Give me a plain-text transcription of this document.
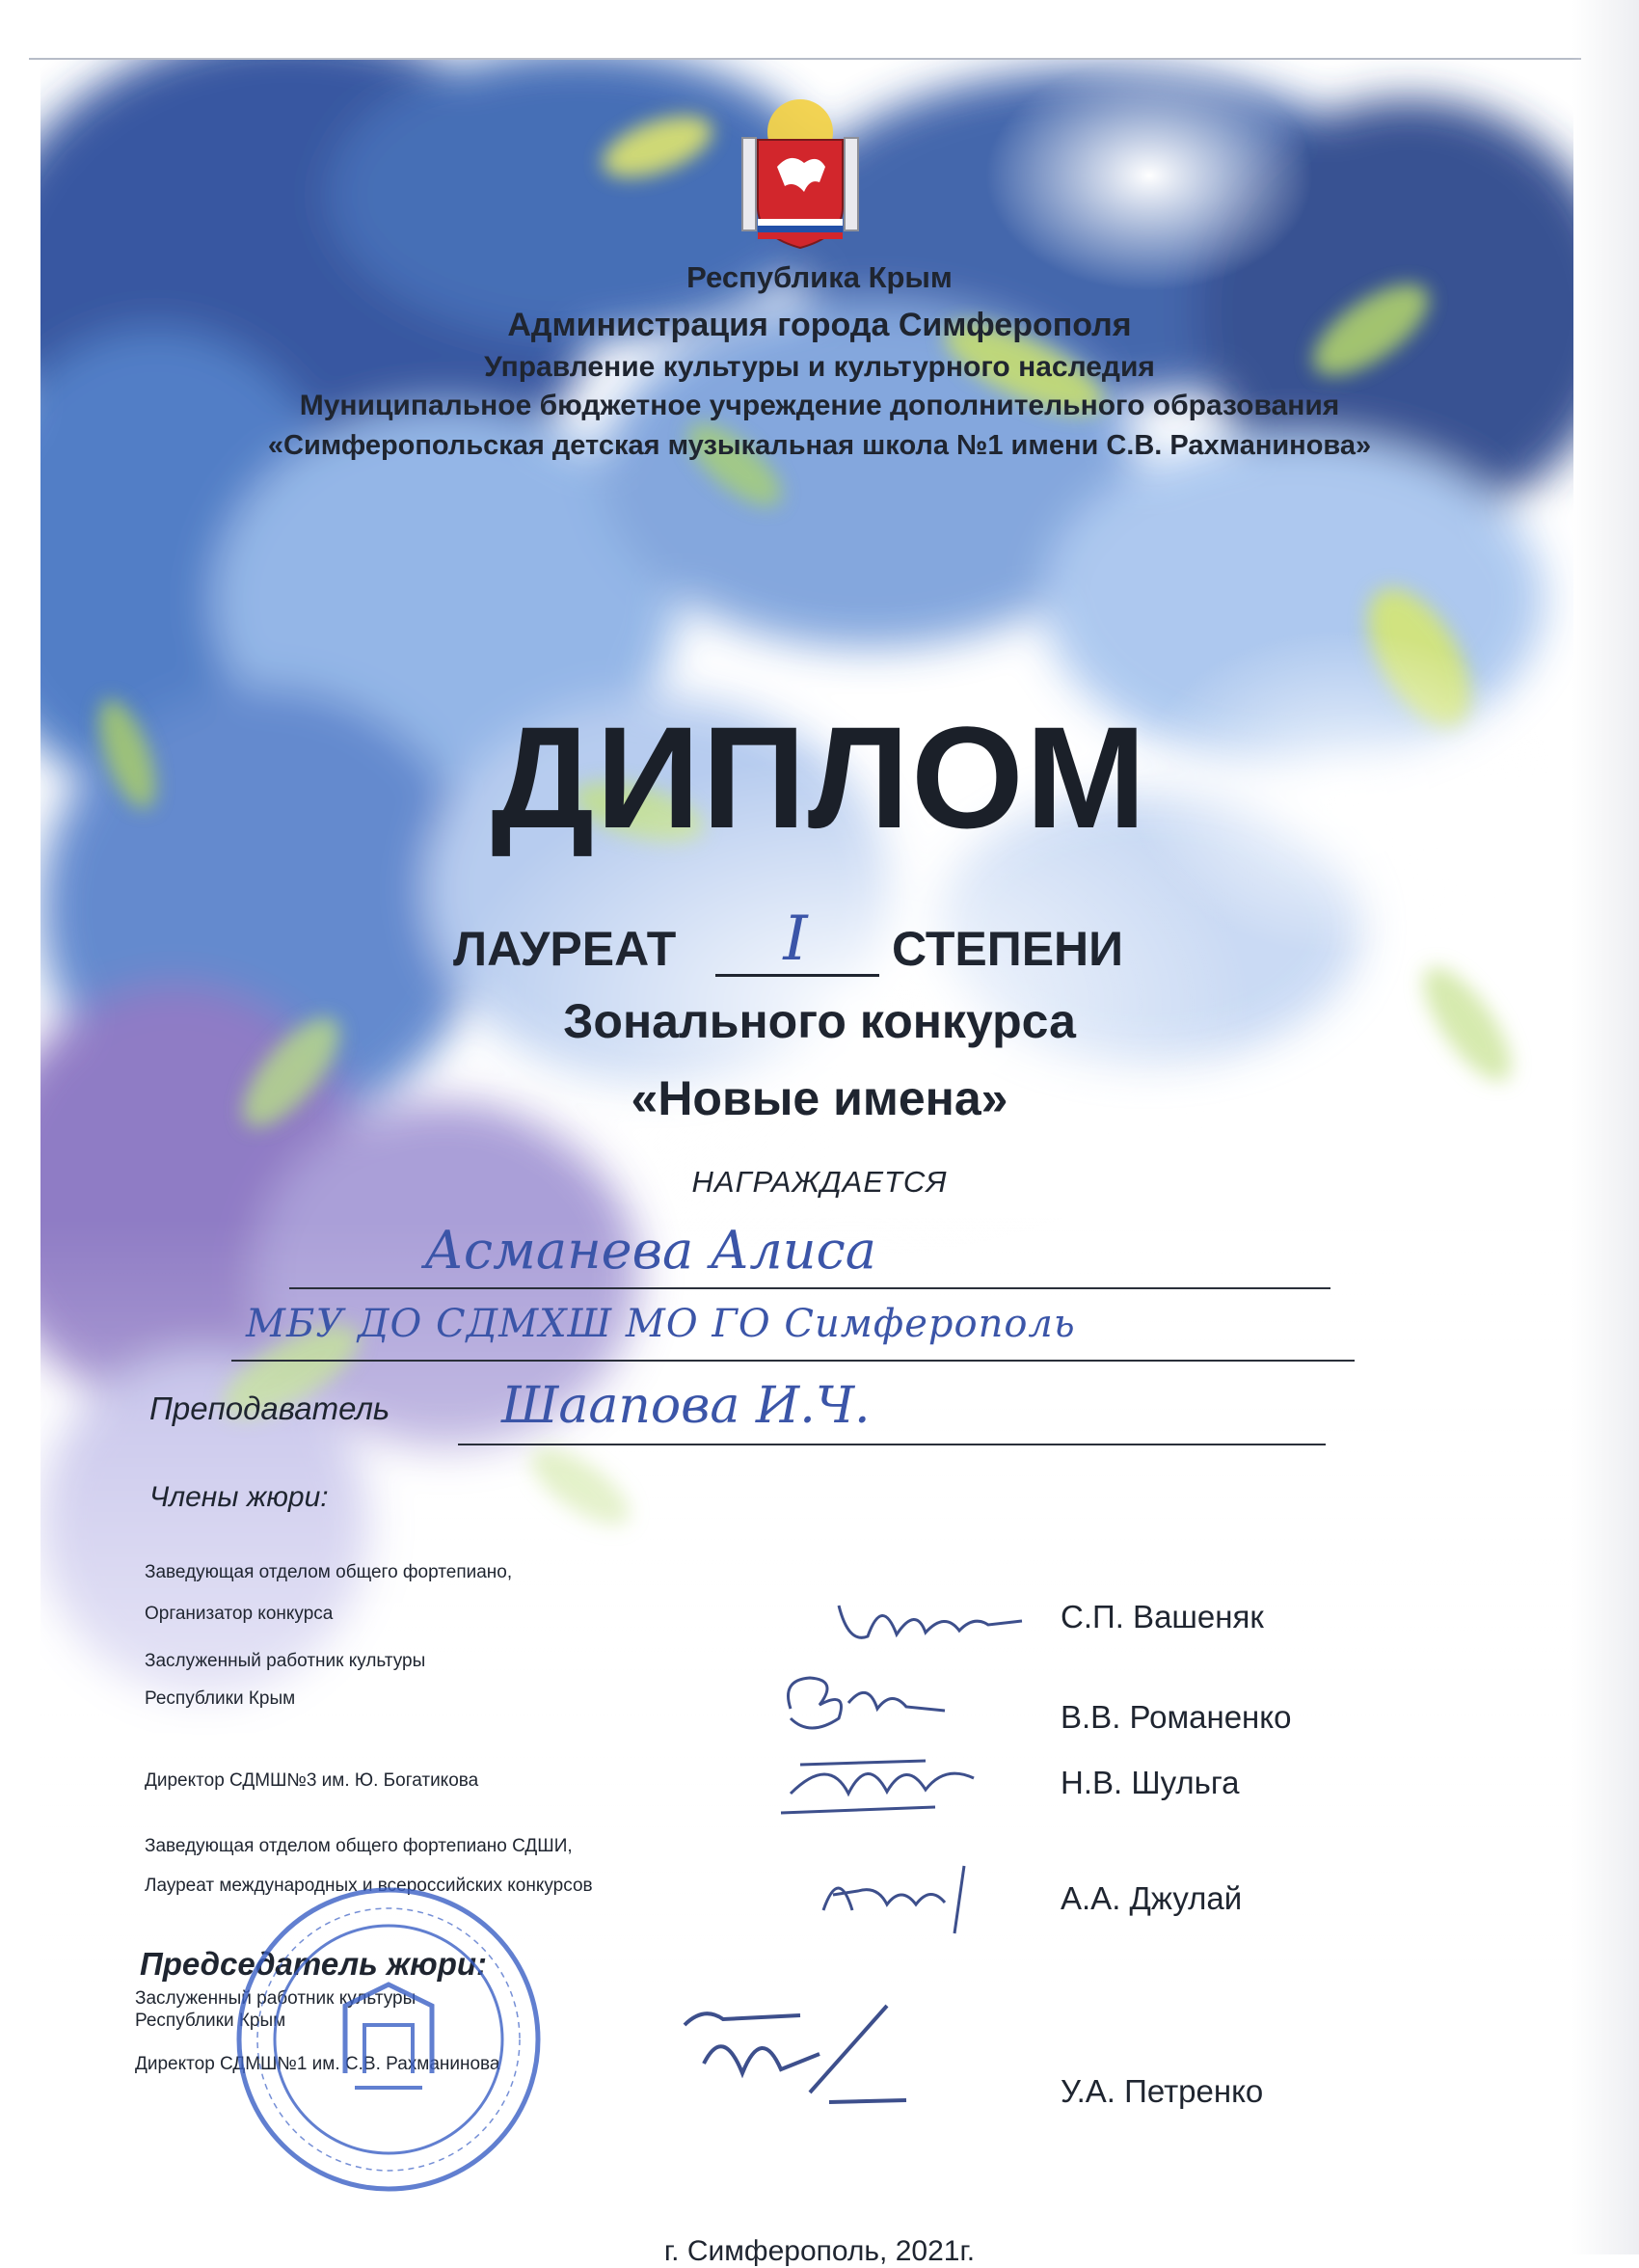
Республика Крым
Администрация города Симферополя
Управление культуры и культурного наследия
Муниципальное бюджетное учреждение дополнительного образования
«Симферопольская детская музыкальная школа №1 имени С.В. Рахманинова»
ДИПЛОМ
ЛАУРЕАТ	I	СТЕПЕНИ
Зонального конкурса
«Новые имена»
НАГРАЖДАЕТСЯ
Асманева Алиса
МБУ ДО СДМХШ МО ГО Симферополь
Преподаватель Шаапова И.Ч.
Члены жюри:
Заведующая отделом общего фортепиано,
Организатор конкурса	С.П. Вашеняк
Заслуженный работник культуры
Республики Крым
В.В. Романенко
Директор СДМШ№3 им. Ю. Богатикова	Н.В. Шульга
Заведующая отделом общего фортепиано СДШИ,
Лауреат международных и всероссийских конкурсов	А.А. Джулай
Председатель жюри:
Заслуженный работник культуры
Республики Крым
Директор СДМШ№1 им. С.В. Рахманинова
У.А. Петренко
г. Симферополь, 2021г.
